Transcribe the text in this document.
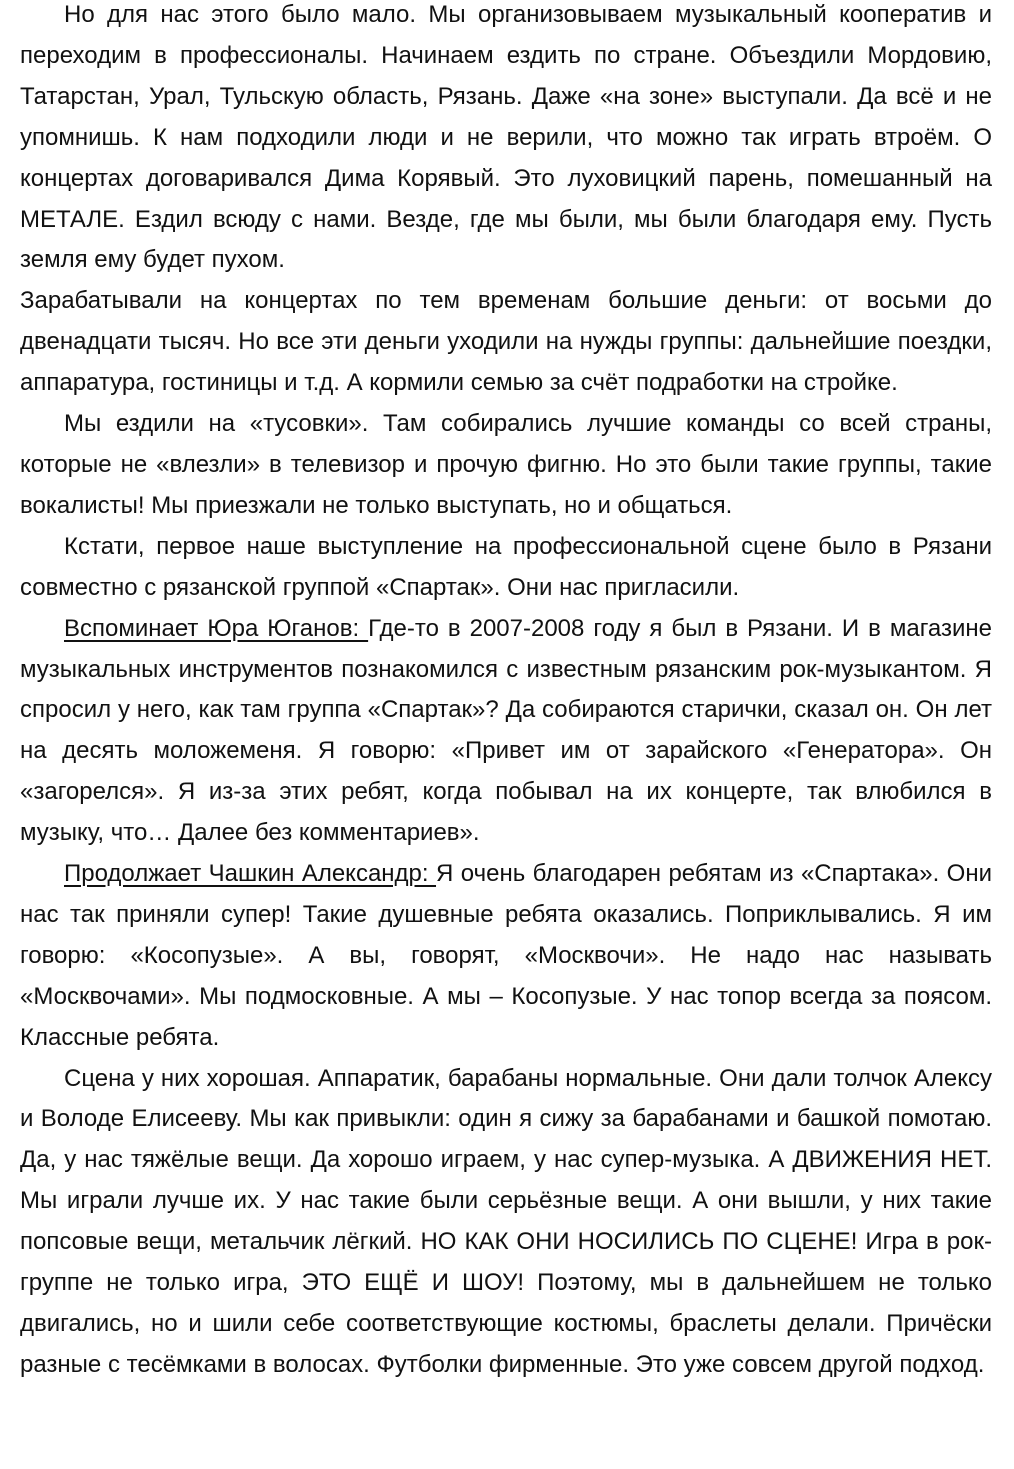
Но для нас этого было мало. Мы организовываем музыкальный кооператив и переходим в профессионалы. Начинаем ездить по стране. Объездили Мордовию, Татарстан, Урал, Тульскую область, Рязань. Даже «на зоне» выступали. Да всё и не упомнишь. К нам подходили люди и не верили, что можно так играть втроём. О концертах договаривался Дима Корявый. Это луховицкий парень, помешанный на МЕТАЛЕ. Ездил всюду с нами. Везде, где мы были, мы были благодаря ему. Пусть земля ему будет пухом.

Зарабатывали на концертах по тем временам большие деньги: от восьми до двенадцати тысяч. Но все эти деньги уходили на нужды группы: дальнейшие поездки, аппаратура, гостиницы и т.д. А кормили семью за счёт подработки на стройке.

Мы ездили на «тусовки». Там собирались лучшие команды со всей страны, которые не «влезли» в телевизор и прочую фигню. Но это были такие группы, такие вокалисты! Мы приезжали не только выступать, но и общаться.

Кстати, первое наше выступление на профессиональной сцене было в Рязани совместно с рязанской группой «Спартак». Они нас пригласили.

Вспоминает Юра Юганов: Где-то в 2007-2008 году я был в Рязани. И в магазине музыкальных инструментов познакомился с известным рязанским рок-музыкантом. Я спросил у него, как там группа «Спартак»? Да собираются старички, сказал он. Он лет на десять моложеменя. Я говорю: «Привет им от зарайского «Генератора». Он «загорелся». Я из-за этих ребят, когда побывал на их концерте, так влюбился в музыку, что… Далее без комментариев».

Продолжает Чашкин Александр: Я очень благодарен ребятам из «Спартака». Они нас так приняли супер! Такие душевные ребята оказались. Поприклывались. Я им говорю: «Косопузые». А вы, говорят, «Москвочи». Не надо нас называть «Москвочами». Мы подмосковные. А мы – Косопузые. У нас топор всегда за поясом. Классные ребята.

Сцена у них хорошая. Аппаратик, барабаны нормальные. Они дали толчок Алексу и Володе Елисееву. Мы как привыкли: один я сижу за барабанами и башкой помотаю. Да, у нас тяжёлые вещи. Да хорошо играем, у нас супер-музыка. А ДВИЖЕНИЯ НЕТ. Мы играли лучше их. У нас такие были серьёзные вещи. А они вышли, у них такие попсовые вещи, метальчик лёгкий. НО КАК ОНИ НОСИЛИСЬ ПО СЦЕНЕ! Игра в рок-группе не только игра, ЭТО ЕЩЁ И ШОУ! Поэтому, мы в дальнейшем не только двигались, но и шили себе соответствующие костюмы, браслеты делали. Причёски разные с тесёмками в волосах. Футболки фирменные. Это уже совсем другой подход.
